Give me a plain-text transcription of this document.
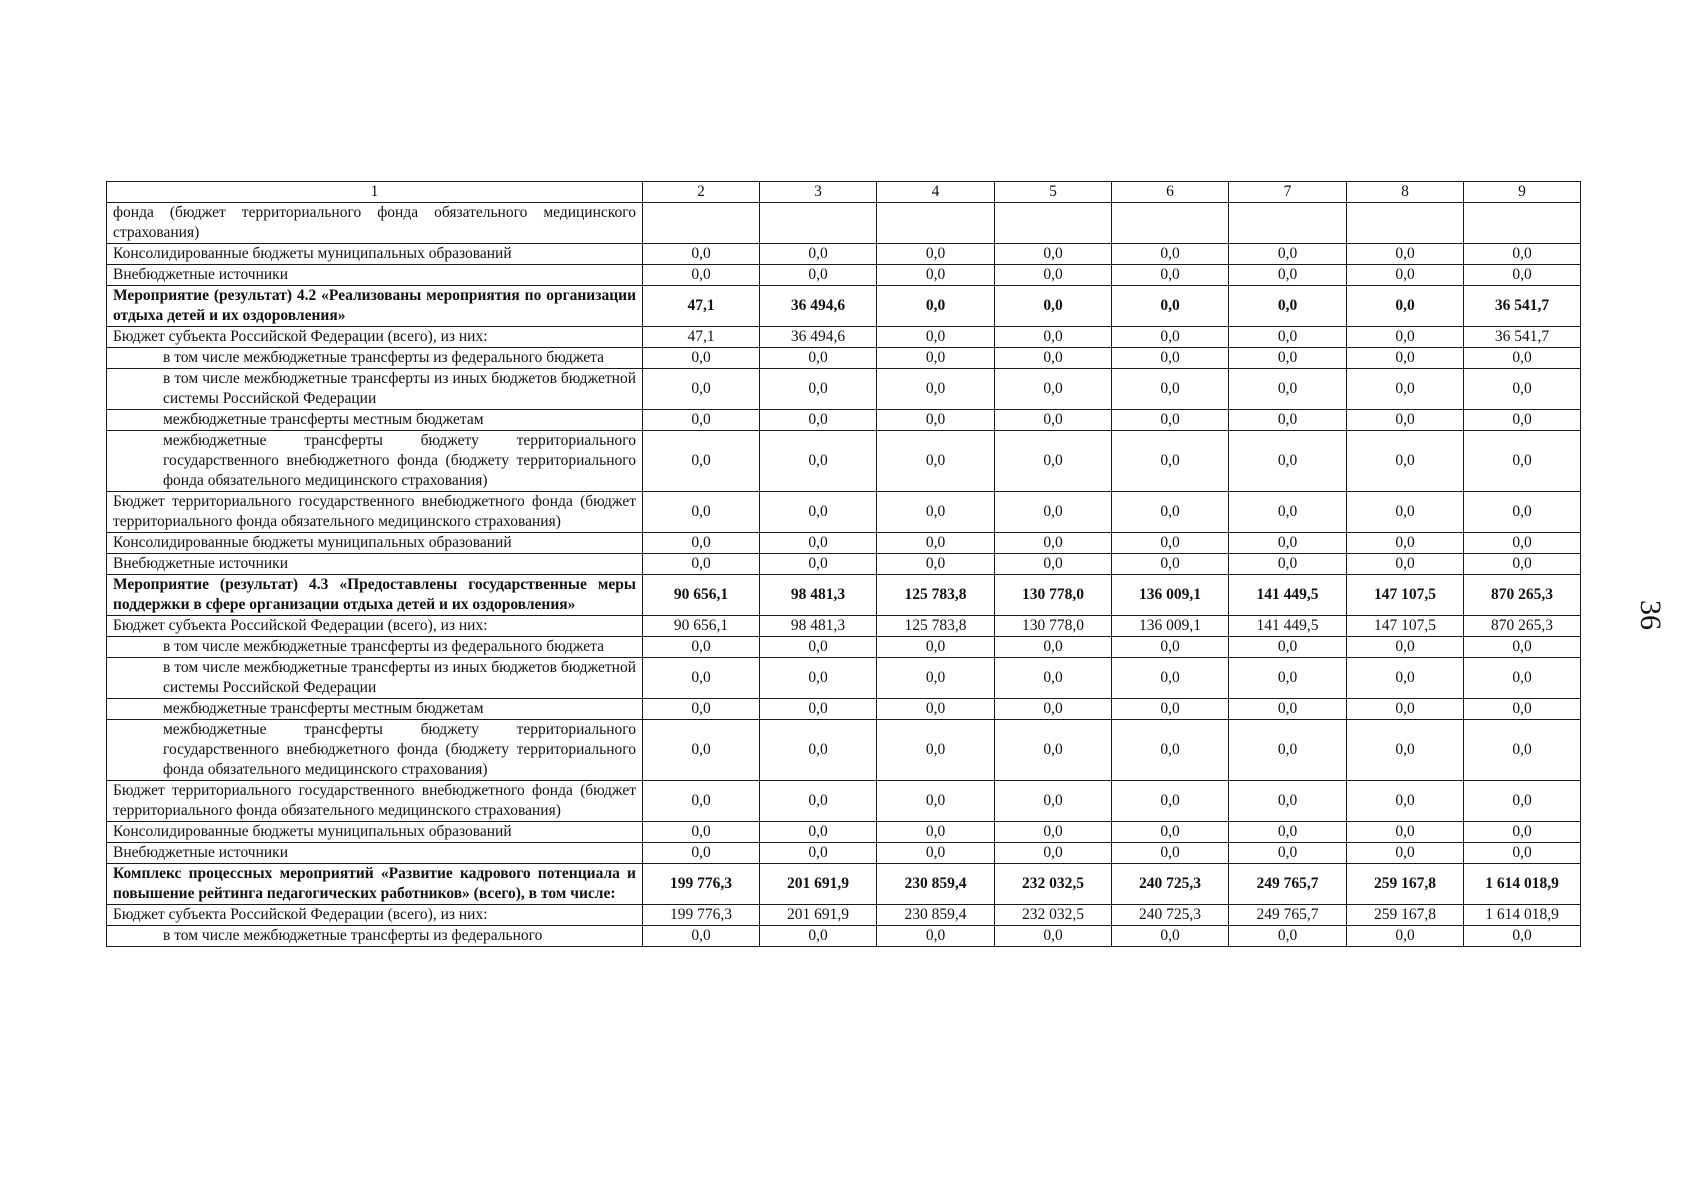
1	2	3	4	5	6	7	8	9
фонда (бюджет территориального фонда обязательного медицинского страхования)								
Консолидированные бюджеты муниципальных образований	0,0	0,0	0,0	0,0	0,0	0,0	0,0	0,0
Внебюджетные источники	0,0	0,0	0,0	0,0	0,0	0,0	0,0	0,0
Мероприятие (результат) 4.2 «Реализованы мероприятия по организации отдыха детей и их оздоровления»	47,1	36 494,6	0,0	0,0	0,0	0,0	0,0	36 541,7
Бюджет субъекта Российской Федерации (всего), из них:	47,1	36 494,6	0,0	0,0	0,0	0,0	0,0	36 541,7
в том числе межбюджетные трансферты из федерального бюджета	0,0	0,0	0,0	0,0	0,0	0,0	0,0	0,0
в том числе межбюджетные трансферты из иных бюджетов бюджетной системы Российской Федерации	0,0	0,0	0,0	0,0	0,0	0,0	0,0	0,0
межбюджетные трансферты местным бюджетам	0,0	0,0	0,0	0,0	0,0	0,0	0,0	0,0
межбюджетные трансферты бюджету территориального государственного внебюджетного фонда (бюджету территориального фонда обязательного медицинского страхования)	0,0	0,0	0,0	0,0	0,0	0,0	0,0	0,0
Бюджет территориального государственного внебюджетного фонда (бюджет территориального фонда обязательного медицинского страхования)	0,0	0,0	0,0	0,0	0,0	0,0	0,0	0,0
Консолидированные бюджеты муниципальных образований	0,0	0,0	0,0	0,0	0,0	0,0	0,0	0,0
Внебюджетные источники	0,0	0,0	0,0	0,0	0,0	0,0	0,0	0,0
Мероприятие (результат) 4.3 «Предоставлены государственные меры поддержки в сфере организации отдыха детей и их оздоровления»	90 656,1	98 481,3	125 783,8	130 778,0	136 009,1	141 449,5	147 107,5	870 265,3
Бюджет субъекта Российской Федерации (всего), из них:	90 656,1	98 481,3	125 783,8	130 778,0	136 009,1	141 449,5	147 107,5	870 265,3
в том числе межбюджетные трансферты из федерального бюджета	0,0	0,0	0,0	0,0	0,0	0,0	0,0	0,0
в том числе межбюджетные трансферты из иных бюджетов бюджетной системы Российской Федерации	0,0	0,0	0,0	0,0	0,0	0,0	0,0	0,0
межбюджетные трансферты местным бюджетам	0,0	0,0	0,0	0,0	0,0	0,0	0,0	0,0
межбюджетные трансферты бюджету территориального государственного внебюджетного фонда (бюджету территориального фонда обязательного медицинского страхования)	0,0	0,0	0,0	0,0	0,0	0,0	0,0	0,0
Бюджет территориального государственного внебюджетного фонда (бюджет территориального фонда обязательного медицинского страхования)	0,0	0,0	0,0	0,0	0,0	0,0	0,0	0,0
Консолидированные бюджеты муниципальных образований	0,0	0,0	0,0	0,0	0,0	0,0	0,0	0,0
Внебюджетные источники	0,0	0,0	0,0	0,0	0,0	0,0	0,0	0,0
Комплекс процессных мероприятий «Развитие кадрового потенциала и повышение рейтинга педагогических работников» (всего), в том числе:	199 776,3	201 691,9	230 859,4	232 032,5	240 725,3	249 765,7	259 167,8	1 614 018,9
Бюджет субъекта Российской Федерации (всего), из них:	199 776,3	201 691,9	230 859,4	232 032,5	240 725,3	249 765,7	259 167,8	1 614 018,9
в том числе межбюджетные трансферты из федерального	0,0	0,0	0,0	0,0	0,0	0,0	0,0	0,0
36
